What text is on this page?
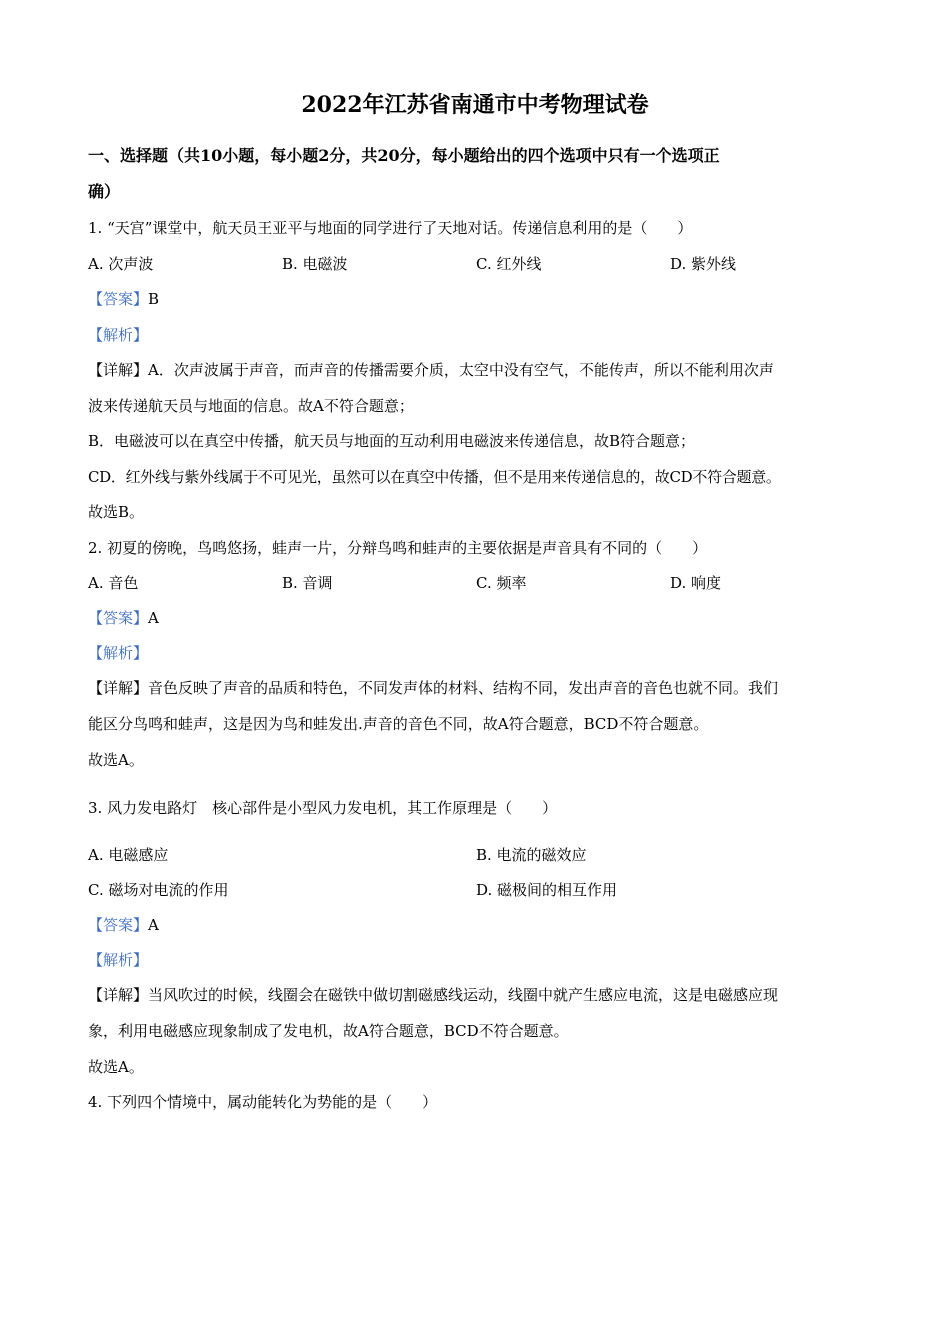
2022年江苏省南通市中考物理试卷
一、选择题（共10小题，每小题2分，共20分，每小题给出的四个选项中只有一个选项正
确）
1. “天宫”课堂中，航天员王亚平与地面的同学进行了天地对话。传递信息利用的是（　　）
A. 次声波	B. 电磁波	C. 红外线	D. 紫外线
【答案】B
【解析】
【详解】A．次声波属于声音，而声音的传播需要介质，太空中没有空气，不能传声，所以不能利用次声
波来传递航天员与地面的信息。故A不符合题意；
B．电磁波可以在真空中传播，航天员与地面的互动利用电磁波来传递信息，故B符合题意；
CD．红外线与紫外线属于不可见光，虽然可以在真空中传播，但不是用来传递信息的，故CD不符合题意。
故选B。
2. 初夏的傍晚，鸟鸣悠扬，蛙声一片，分辩鸟鸣和蛙声的主要依据是声音具有不同的（　　）
A. 音色	B. 音调	C. 频率	D. 响度
【答案】A
【解析】
【详解】音色反映了声音的品质和特色，不同发声体的材料、结构不同，发出声音的音色也就不同。我们
能区分鸟鸣和蛙声，这是因为鸟和蛙发出.声音的音色不同，故A符合题意，BCD不符合题意。
故选A。
3. 风力发电路灯　核心部件是小型风力发电机，其工作原理是（　　）
A. 电磁感应	B. 电流的磁效应
C. 磁场对电流的作用	D. 磁极间的相互作用
【答案】A
【解析】
【详解】当风吹过的时候，线圈会在磁铁中做切割磁感线运动，线圈中就产生感应电流，这是电磁感应现
象，利用电磁感应现象制成了发电机，故A符合题意，BCD不符合题意。
故选A。
4. 下列四个情境中，属动能转化为势能的是（　　）
